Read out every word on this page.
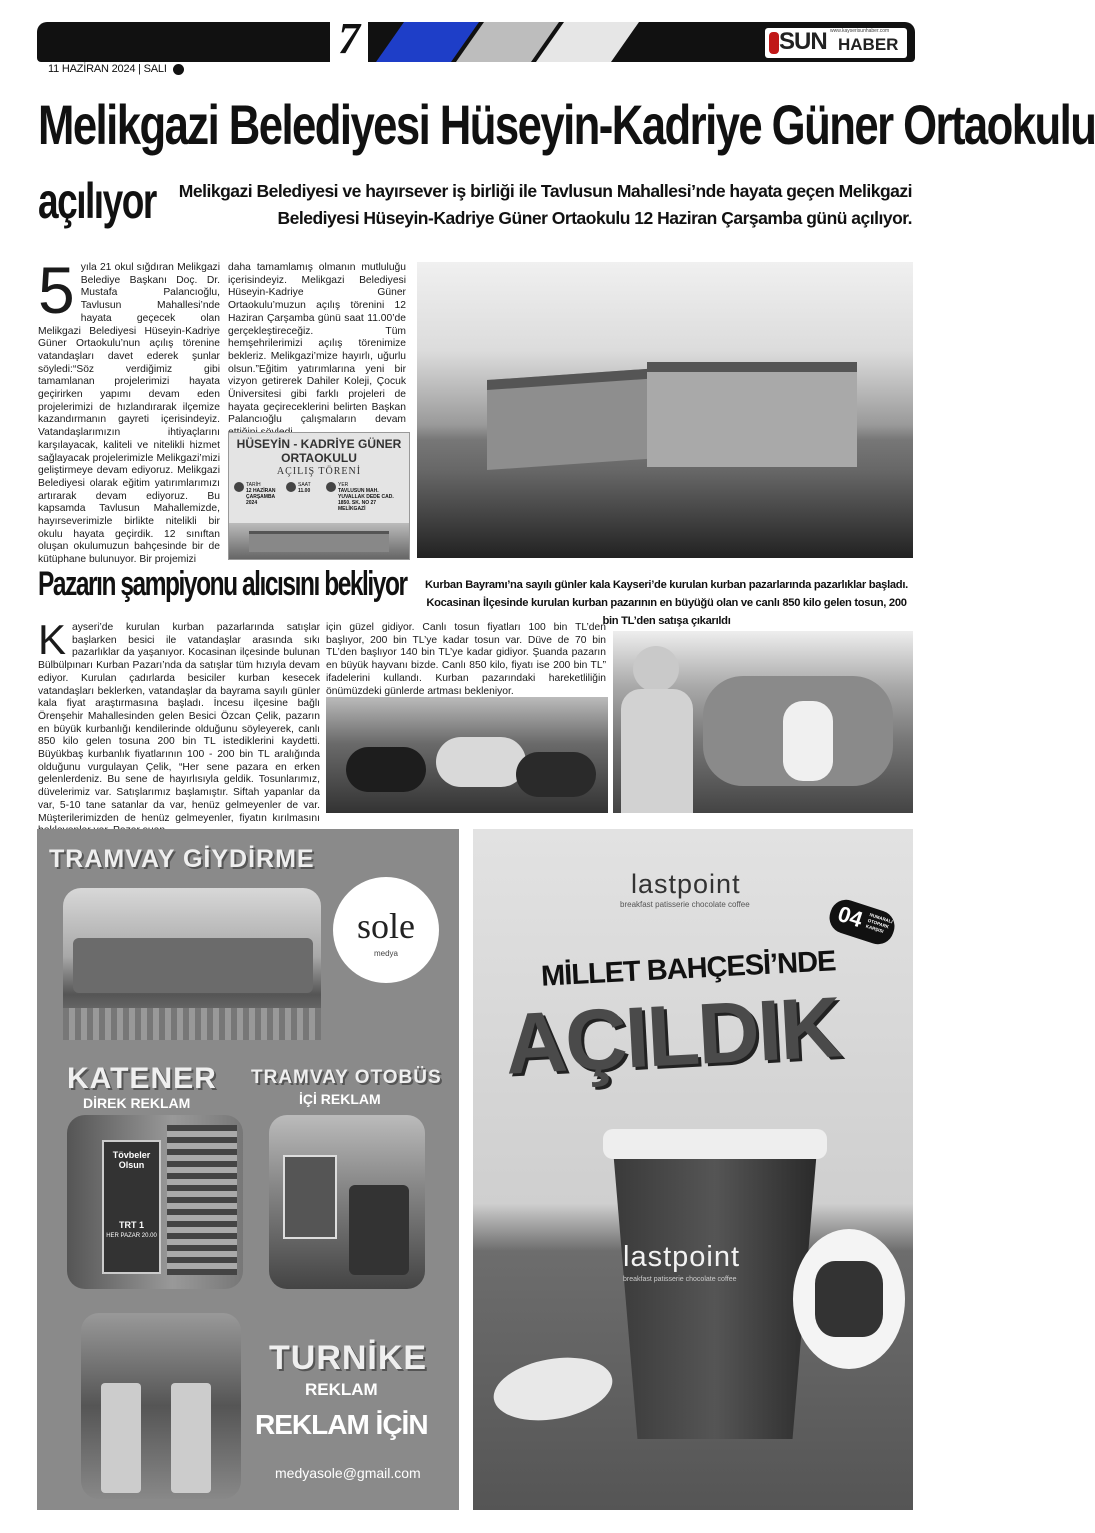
7	www.kayserisunhaber.com
SUN HABER
11 HAZİRAN 2024 | SALI
Melikgazi Belediyesi Hüseyin-Kadriye Güner Ortaokulu
açılıyor	Melikgazi Belediyesi ve hayırsever iş birliği ile Tavlusun Mahallesi’nde hayata geçen Melikgazi Belediyesi Hüseyin-Kadriye Güner Ortaokulu 12 Haziran Çarşamba günü açılıyor.
5 yıla 21 okul sığdıran Melikgazi Belediye Başkanı Doç. Dr. Mustafa Palancıoğlu, Tavlusun Mahallesi’nde hayata geçecek olan Melikgazi Belediyesi Hüseyin-Kadriye Güner Ortaokulu’nun açılış törenine vatandaşları davet ederek şunlar söyledi:“Söz verdiğimiz gibi tamamlanan projelerimizi hayata geçirirken yapımı devam eden projelerimizi de hızlandırarak ilçemize kazandırmanın gayreti içerisindeyiz. Vatandaşlarımızın ihtiyaçlarını karşılayacak, kaliteli ve nitelikli hizmet sağlayacak projelerimizle Melikgazi’mizi geliştirmeye devam ediyoruz. Melikgazi Belediyesi olarak eğitim yatırımlarımızı artırarak devam ediyoruz. Bu kapsamda Tavlusun Mahallemizde, hayırseverimizle birlikte nitelikli bir okulu hayata geçirdik. 12 sınıftan oluşan okulumuzun bahçesinde bir de kütüphane bulunuyor. Bir projemizi
daha tamamlamış olmanın mutluluğu içerisindeyiz. Melikgazi Belediyesi Hüseyin-Kadriye Güner Ortaokulu’muzun açılış törenini 12 Haziran Çarşamba günü saat 11.00’de gerçekleştireceğiz. Tüm hemşehrilerimizi açılış törenimize bekleriz. Melikgazi’mize hayırlı, uğurlu olsun.”Eğitim yatırımlarına yeni bir vizyon getirerek Dahiler Koleji, Çocuk Üniversitesi gibi farklı projeleri de hayata geçireceklerini belirten Başkan Palancıoğlu çalışmaların devam
HÜSEYİN - KADRİYE GÜNER
ORTAOKULU
AÇILIŞ TÖRENİ
TARİH
12 HAZİRAN ÇARŞAMBA 2024
SAAT
11.00
YER
TAVLUSUN MAH. YUVALLAK DEDE CAD. 1850. SK. NO 27 MELİKGAZİ
Pazarın şampiyonu alıcısını bekliyor	Kurban Bayramı’na sayılı günler kala Kayseri’de kurulan kurban pazarlarında pazarlıklar başladı. Kocasinan İlçesinde kurulan kurban pazarının en büyüğü olan ve canlı 850 kilo gelen tosun, 200 bin TL’den satışa çıkarıldı
Kayseri’de kurulan kurban pazarlarında satışlar başlarken besici ile vatandaşlar arasında sıkı pazarlıklar da yaşanıyor. Kocasinan ilçesinde bulunan Bülbülpınarı Kurban Pazarı’nda da satışlar tüm hızıyla devam ediyor. Kurulan çadırlarda besiciler kurban kesecek vatandaşları beklerken, vatandaşlar da bayrama sayılı günler kala fiyat araştırmasına başladı. İncesu ilçesine bağlı Örenşehir Mahallesinden gelen Besici Özcan Çelik, pazarın en büyük kurbanlığı kendilerinde olduğunu söyleyerek, canlı 850 kilo gelen tosuna 200 bin TL istediklerini kaydetti. Büyükbaş kurbanlık fiyatlarının 100 - 200 bin TL aralığında olduğunu vurgulayan Çelik, “Her sene pazara en erken gelenlerdeniz. Bu sene de hayırlısıyla geldik. Tosunlarımız, düvelerimiz var. Satışlarımız başlamıştır. Siftah yapanlar da var, 5-10 tane satanlar da var, henüz gelmeyenler de var. Müşterilerimizden de henüz gelmeyenler, fiyatın kırılmasını
için güzel gidiyor. Canlı tosun fiyatları 100 bin TL’den başlıyor, 200 bin TL’ye kadar tosun var. Düve de 70 bin TL’den başlıyor 140 bin TL’ye kadar gidiyor. Şuanda pazarın en büyük hayvanı bizde. Canlı 850 kilo, fiyatı ise 200 bin TL” ifadelerini kullandı. Kurban pazarındaki hareketliliğin önümüzdeki günlerde artması bekleniyor.
TRAMVAY GİYDİRME
sole
medya
KATENER
DİREK REKLAM
Tövbeler Olsun
TRT 1
HER PAZAR 20.00
TRAMVAY OTOBÜS
İÇİ REKLAM
TURNİKE
REKLAM
REKLAM İÇİN
medyasole@gmail.com
lastpoint
breakfast patisserie chocolate coffee	04 NUMARALI OTOPARK KARŞISI
MİLLET BAHÇESİ’NDE
AÇILDIK
lastpoint
breakfast patisserie chocolate coffee
